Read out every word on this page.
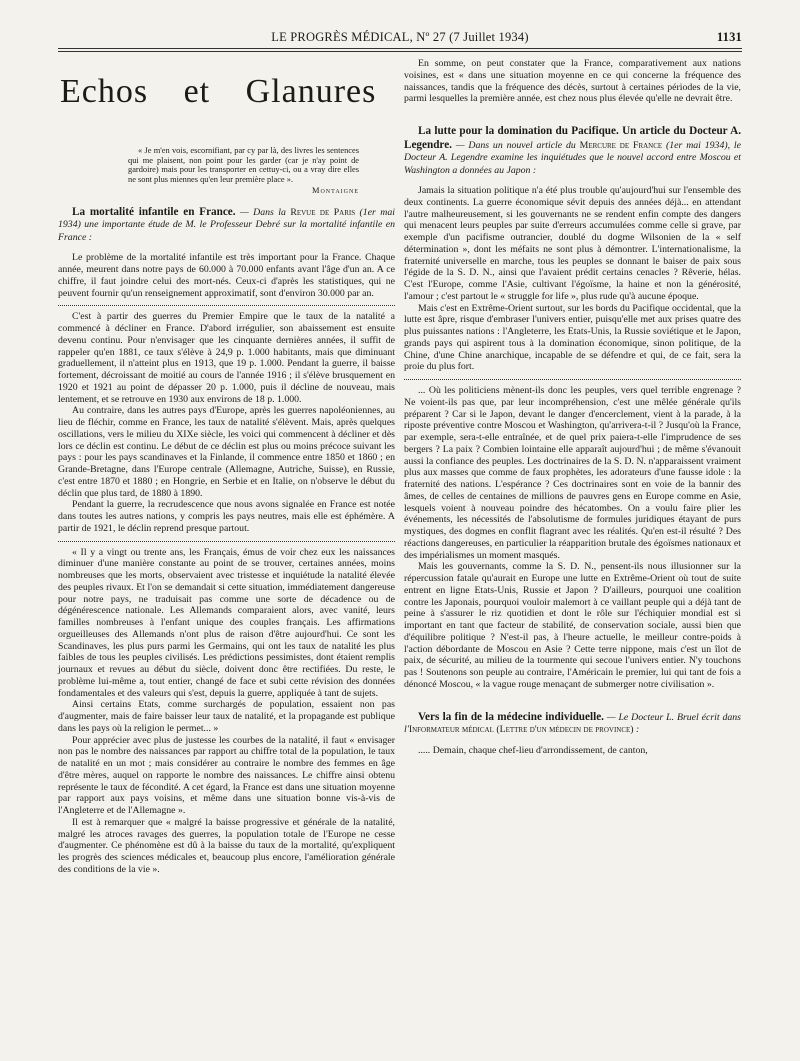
LE PROGRÈS MÉDICAL, Nº 27 (7 Juillet 1934)	1131
Echos et Glanures

« Je m'en vois, escornifiant, par cy par là, des livres les sentences qui me plaisent, non point pour les garder (car je n'ay point de gardoire) mais pour les transporter en cettuy-ci, ou a vray dire elles ne sont plus miennes qu'en leur première place ».

Montaigne
La mortalité infantile en France. — Dans la Revue de Paris (1er mai 1934) une importante étude de M. le Professeur Debré sur la mortalité infantile en France :

Le problème de la mortalité infantile est très important pour la France. Chaque année, meurent dans notre pays de 60.000 à 70.000 enfants avant l'âge d'un an. A ce chiffre, il faut joindre celui des mort-nés. Ceux-ci d'après les statistiques, qui ne peuvent fournir qu'un renseignement approximatif, sont d'environ 30.000 par an.

C'est à partir des guerres du Premier Empire que le taux de la natalité a commencé à décliner en France. D'abord irrégulier, son abaissement est ensuite devenu continu. Pour n'envisager que les cinquante dernières années, il suffit de rappeler qu'en 1881, ce taux s'élève à 24,9 p. 1.000 habitants, mais que diminuant graduellement, il n'atteint plus en 1913, que 19 p. 1.000. Pendant la guerre, il baisse fortement, décroissant de moitié au cours de l'année 1916 ; il s'élève brusquement en 1920 et 1921 au point de dépasser 20 p. 1.000, puis il décline de nouveau, mais lentement, et se retrouve en 1930 aux environs de 18 p. 1.000.

Au contraire, dans les autres pays d'Europe, après les guerres napoléoniennes, au lieu de fléchir, comme en France, les taux de natalité s'élèvent. Mais, après quelques oscillations, vers le milieu du XIXe siècle, les voici qui commencent à décliner et dès lors ce déclin est continu. Le début de ce déclin est plus ou moins précoce suivant les pays : pour les pays scandinaves et la Finlande, il commence entre 1850 et 1860 ; en Grande-Bretagne, dans l'Europe centrale (Allemagne, Autriche, Suisse), en Russie, c'est entre 1870 et 1880 ; en Hongrie, en Serbie et en Italie, on n'observe le début du déclin que plus tard, de 1880 à 1890.

Pendant la guerre, la recrudescence que nous avons signalée en France est notée dans toutes les autres nations, y compris les pays neutres, mais elle est éphémère. A partir de 1921, le déclin reprend presque partout.

« Il y a vingt ou trente ans, les Français, émus de voir chez eux les naissances diminuer d'une manière constante au point de se trouver, certaines années, moins nombreuses que les morts, observaient avec tristesse et inquiétude la natalité élevée des peuples rivaux. Et l'on se demandait si cette situation, immédiatement dangereuse pour notre pays, ne traduisait pas comme une sorte de décadence ou de dégénérescence nationale. Les Allemands comparaient alors, avec vanité, leurs familles nombreuses à l'enfant unique des couples français. Les affirmations orgueilleuses des Allemands n'ont plus de raison d'être aujourd'hui. Ce sont les Scandinaves, les plus purs parmi les Germains, qui ont les taux de natalité les plus faibles de tous les peuples civilisés. Les prédictions pessimistes, dont étaient remplis journaux et revues au début du siècle, doivent donc être rectifiées. Du reste, le problème lui-même a, tout entier, changé de face et subi cette révision des données fondamentales et des valeurs qui s'est, depuis la guerre, appliquée à tant de sujets.

Ainsi certains Etats, comme surchargés de population, essaient non pas d'augmenter, mais de faire baisser leur taux de natalité, et la propagande est publique dans les pays où la religion le permet... »

Pour apprécier avec plus de justesse les courbes de la natalité, il faut « envisager non pas le nombre des naissances par rapport au chiffre total de la population, le taux de natalité en un mot ; mais considérer au contraire le nombre des femmes en âge d'être mères, auquel on rapporte le nombre des naissances. Le chiffre ainsi obtenu représente le taux de fécondité. A cet égard, la France est dans une situation moyenne par rapport aux pays voisins, et même dans une situation bonne vis-à-vis de l'Angleterre et de l'Allemagne ».

Il est à remarquer que « malgré la baisse progressive et générale de la natalité, malgré les atroces ravages des guerres, la population totale de l'Europe ne cesse d'augmenter. Ce phénomène est dû à la baisse du taux de la mortalité, qu'expliquent les progrès des sciences médicales et, beaucoup plus encore, l'amélioration générale des conditions de la vie ».

En somme, on peut constater que la France, comparativement aux nations voisines, est « dans une situation moyenne en ce qui concerne la fréquence des naissances, tandis que la fréquence des décès, surtout à certaines périodes de la vie, parmi lesquelles la première année, est chez nous plus élevée qu'elle ne devrait être.

La lutte pour la domination du Pacifique. Un article du Docteur A. Legendre. — Dans un nouvel article du Mercure de France (1er mai 1934), le Docteur A. Legendre examine les inquiétudes que le nouvel accord entre Moscou et Washington a données au Japon :

Jamais la situation politique n'a été plus trouble qu'aujourd'hui sur l'ensemble des deux continents. La guerre économique sévit depuis des années déjà... en attendant l'autre malheureusement, si les gouvernants ne se rendent enfin compte des dangers qui menacent leurs peuples par suite d'erreurs accumulées comme celle si grave, par exemple d'un pacifisme outrancier, doublé du dogme Wilsonien de la « self détermination », dont les méfaits ne sont plus à démontrer. L'internationalisme, la fraternité universelle en marche, tous les peuples se donnant le baiser de paix sous l'égide de la S. D. N., ainsi que l'avaient prédit certains cenacles ? Rêverie, hélas. C'est l'Europe, comme l'Asie, cultivant l'égoïsme, la haine et non la générosité, l'amour ; c'est partout le « struggle for life », plus rude qu'à aucune époque.

Mais c'est en Extrême-Orient surtout, sur les bords du Pacifique occidental, que la lutte est âpre, risque d'embraser l'univers entier, puisqu'elle met aux prises quatre des plus puissantes nations : l'Angleterre, les Etats-Unis, la Russie soviétique et le Japon, grands pays qui aspirent tous à la domination économique, sinon politique, de la Chine, d'une Chine anarchique, incapable de se défendre et qui, de ce fait, sera la proie du plus fort.

... Où les politiciens mènent-ils donc les peuples, vers quel terrible engrenage ? Ne voient-ils pas que, par leur incompréhension, c'est une mêlée générale qu'ils préparent ? Car si le Japon, devant le danger d'encerclement, vient à la parade, à la riposte préventive contre Moscou et Washington, qu'arrivera-t-il ? Jusqu'où la France, par exemple, sera-t-elle entraînée, et de quel prix paiera-t-elle l'imprudence de ses bergers ? La paix ? Combien lointaine elle apparaît aujourd'hui ; de même s'évanouit aussi la confiance des peuples. Les doctrinaires de la S. D. N. n'apparaissent vraiment plus aux masses que comme de faux prophètes, les adorateurs d'une fausse idole : la fraternité des nations. L'espérance ? Ces doctrinaires sont en voie de la bannir des âmes, de celles de centaines de millions de pauvres gens en Europe comme en Asie, lesquels voient à nouveau poindre des hécatombes. On a voulu faire plier les événements, les nécessités de l'absolutisme de formules juridiques étayant de purs mystiques, des dogmes en conflit flagrant avec les réalités. Qu'en est-il résulté ? Des réactions dangereuses, en particulier la réapparition brutale des égoïsmes nationaux et des impérialismes un moment masqués.

Mais les gouvernants, comme la S. D. N., pensent-ils nous illusionner sur la répercussion fatale qu'aurait en Europe une lutte en Extrême-Orient où tout de suite entrent en ligne Etats-Unis, Russie et Japon ? D'ailleurs, pourquoi une coalition contre les Japonais, pourquoi vouloir malemort à ce vaillant peuple qui a déjà tant de peine à s'assurer le riz quotidien et dont le rôle sur l'échiquier mondial est si important en tant que facteur de stabilité, de conservation sociale, aussi bien que d'équilibre politique ? N'est-il pas, à l'heure actuelle, le meilleur contre-poids à l'action débordante de Moscou en Asie ? Cette terre nippone, mais c'est un îlot de paix, de sécurité, au milieu de la tourmente qui secoue l'univers entier. N'y touchons pas ! Soutenons son peuple au contraire, l'Américain le premier, lui qui tant de fois a dénoncé Moscou, « la vague rouge menaçant de submerger notre civilisation ».

Vers la fin de la médecine individuelle. — Le Docteur L. Bruel écrit dans l'Informateur médical (Lettre d'un médecin de province) :

..... Demain, chaque chef-lieu d'arrondissement, de canton,
